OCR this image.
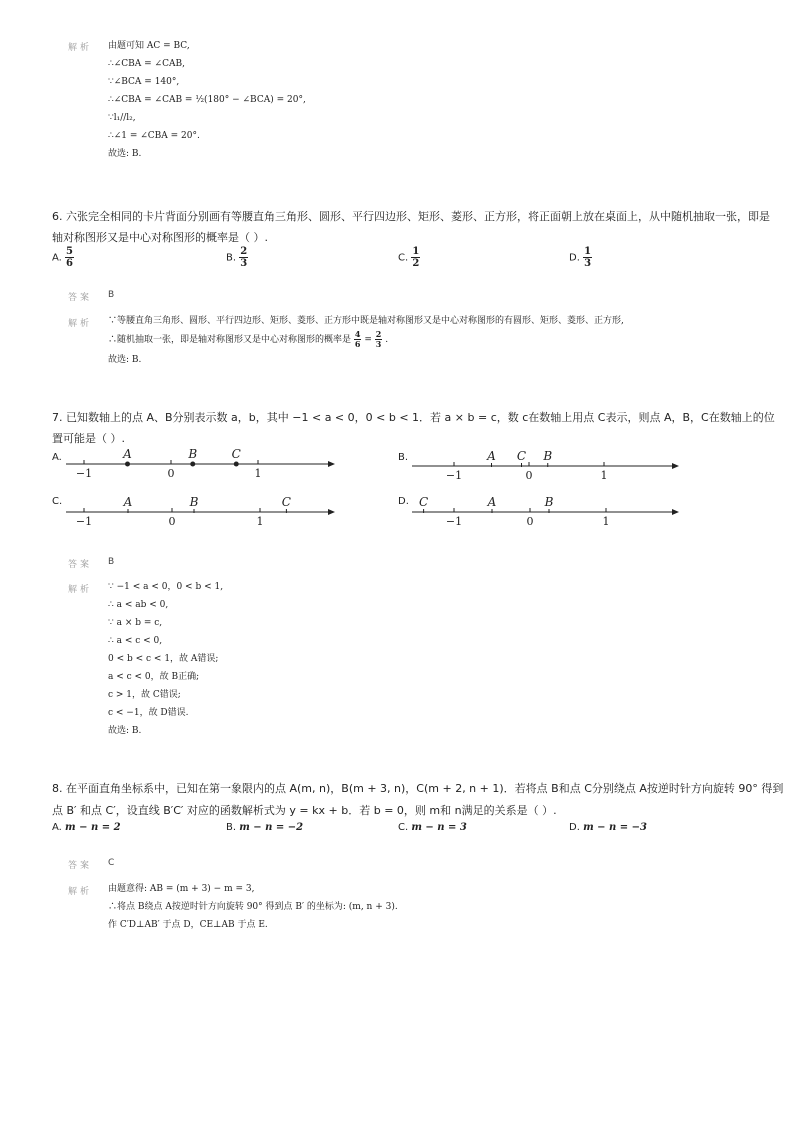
解析 由题可知 AC = BC,
∴∠CBA = ∠CAB,
∵∠BCA = 140°,
∴∠CBA = ∠CAB = ½(180° − ∠BCA) = 20°,
∵l₁//l₂,
∴∠1 = ∠CBA = 20°.
故选: B.
6. 六张完全相同的卡片背面分别画有等腰直角三角形、圆形、平行四边形、矩形、菱形、正方形，将正面朝上放在桌面上，从中随机抽取一张，即是
轴对称图形又是中心对称图形的概率是（ ）.
A. $\frac{5}{6}$	B. $\frac{2}{3}$	C. $\frac{1}{2}$	D. $\frac{1}{3}$
答案 B
解析 ∵等腰直角三角形、圆形、平行四边形、矩形、菱形、正方形中既是轴对称图形又是中心对称图形的有圆形、矩形、菱形、正方形,
∴随机抽取一张，即是轴对称图形又是中心对称图形的概率是 $\frac{4}{6} = \frac{2}{3}$ .
故选: B.
7. 已知数轴上的点 A、B分别表示数 a，b，其中 −1 < a < 0，0 < b < 1．若 a × b = c，数 c在数轴上用点 C表示，则点 A，B，C在数轴上的位
置可能是（ ）.
A.	B.
C.	D.
−1	0	1
A	B	C
−1	0	1
A C B
−1	0	1
A	B	C
−1	0	1
C	A	B
答案 B
解析 ∵ −1 < a < 0，0 < b < 1,
∴ a < ab < 0,
∵ a × b = c,
∴ a < c < 0,
0 < b < c < 1，故 A错误;
a < c < 0，故 B正确;
c > 1，故 C错误;
c < −1，故 D错误.
故选: B.
8. 在平面直角坐标系中，已知在第一象限内的点 A(m, n)，B(m + 3, n)，C(m + 2, n + 1)．若将点 B和点 C分别绕点 A按逆时针方向旋转 90° 得到
点 B′ 和点 C′，设直线 B′C′ 对应的函数解析式为 y = kx + b．若 b = 0，则 m和 n满足的关系是（ ）.
A. m − n = 2	B. m − n = −2	C. m − n = 3	D. m − n = −3
答案 C
解析 由题意得: AB = (m + 3) − m = 3,
∴将点 B绕点 A按逆时针方向旋转 90° 得到点 B′ 的坐标为: (m, n + 3).
作 C′D⊥AB′ 于点 D，CE⊥AB 于点 E.
